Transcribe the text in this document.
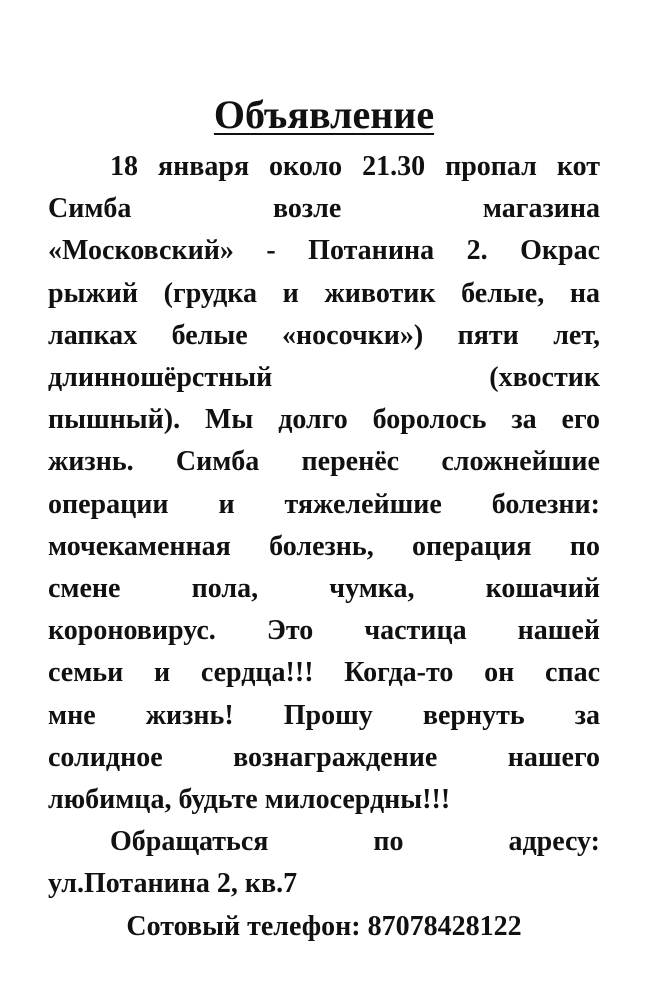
Объявление
18 января около 21.30 пропал кот
Симба возле магазина
«Московский» - Потанина 2. Окрас
рыжий (грудка и животик белые, на
лапках белые «носочки») пяти лет,
длинношёрстный (хвостик
пышный). Мы долго боролось за его
жизнь. Симба перенёс сложнейшие
операции и тяжелейшие болезни:
мочекаменная болезнь, операция по
смене пола, чумка, кошачий
короновирус. Это частица нашей
семьи и сердца!!! Когда-то он спас
мне жизнь! Прошу вернуть за
солидное вознаграждение нашего
любимца, будьте милосердны!!!
Обращаться по адресу:
ул.Потанина 2, кв.7
Сотовый телефон: 87078428122
